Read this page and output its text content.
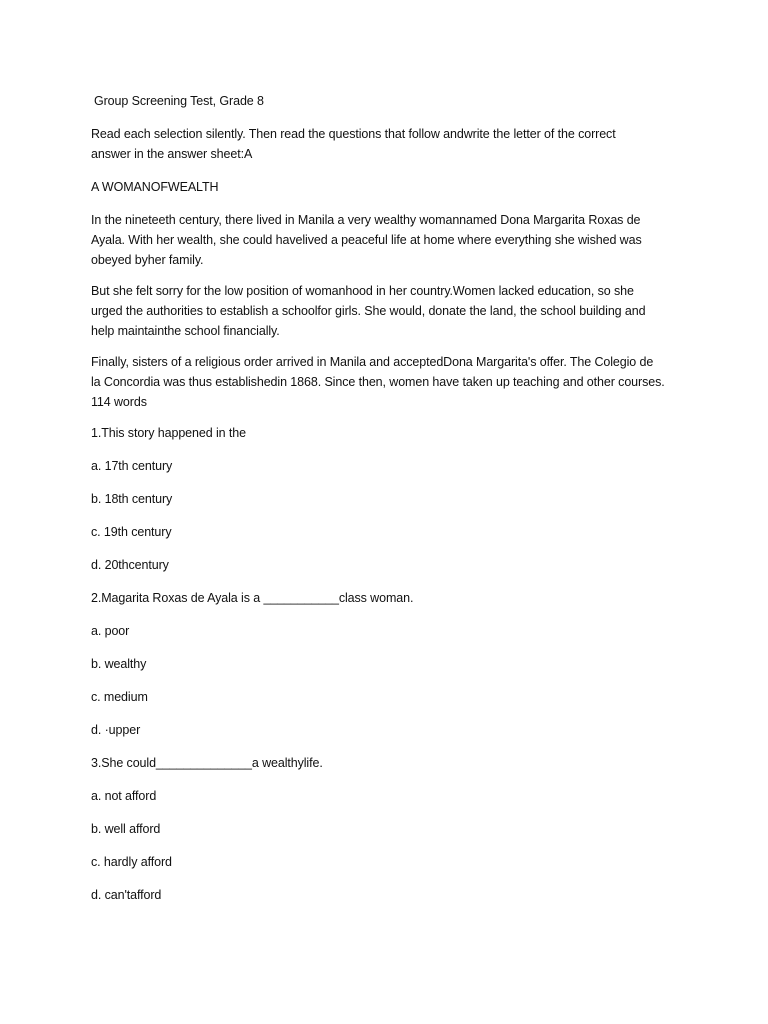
Group Screening Test, Grade 8

Read each selection silently. Then read the questions that follow andwrite the letter of the correct

answer in the answer sheet:A

A WOMANOFWEALTH

In the nineteeth century, there lived in Manila a very wealthy womannamed Dona Margarita Roxas de

Ayala. With her wealth, she could havelived a peaceful life at home where everything she wished was

obeyed byher family.

But she felt sorry for the low position of womanhood in her country.Women lacked education, so she

urged the authorities to establish a schoolfor girls. She would, donate the land, the school building and

help maintainthe school financially.

Finally, sisters of a religious order arrived in Manila and acceptedDona Margarita's offer. The Colegio de

la Concordia was thus establishedin 1868. Since then, women have taken up teaching and other courses.

114 words

1.This story happened in the

a. 17th century

b. 18th century

c. 19th century

d. 20thcentury

2.Magarita Roxas de Ayala is a ___________class woman.

a. poor

b. wealthy

c. medium

d. ·upper

3.She could______________a wealthylife.

a. not afford

b. well afford

c. hardly afford

d. can'tafford
